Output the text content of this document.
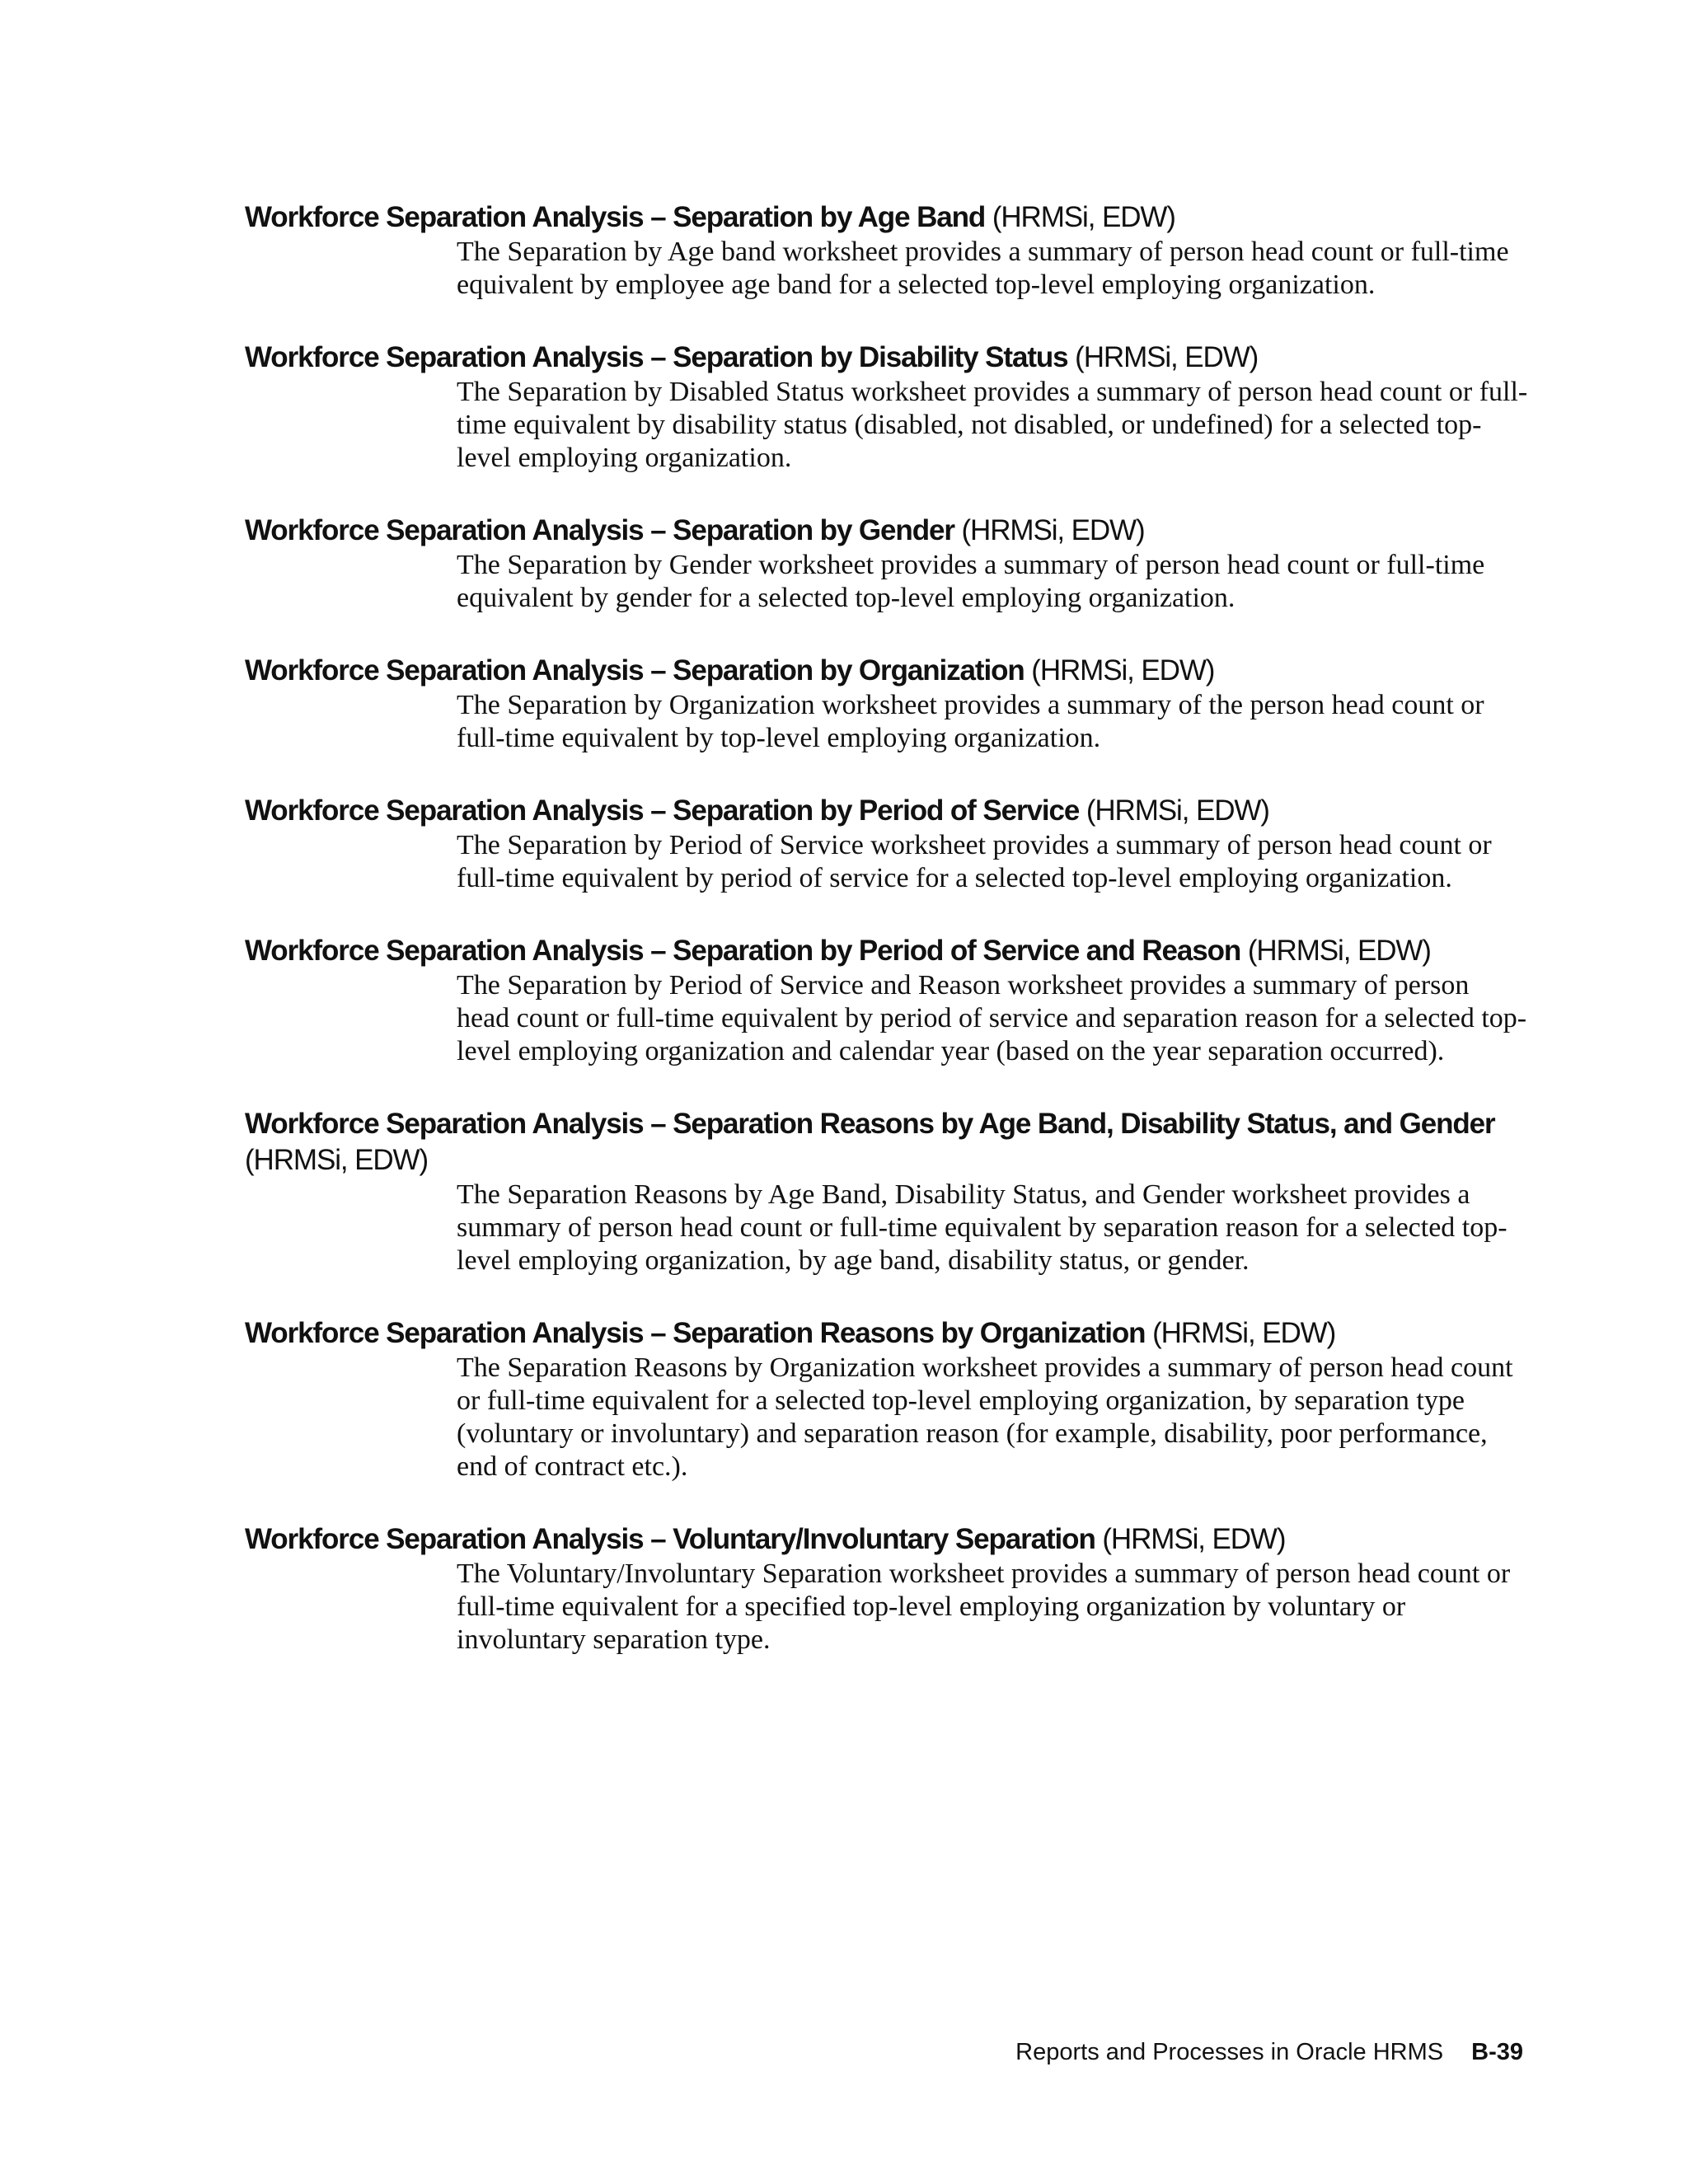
Workforce Separation Analysis – Separation by Age Band (HRMSi, EDW)

The Separation by Age band worksheet provides a summary of person head count or full-time equivalent by employee age band for a selected top-level employing organization.

Workforce Separation Analysis – Separation by Disability Status (HRMSi, EDW)

The Separation by Disabled Status worksheet provides a summary of person head count or full-time equivalent by disability status (disabled, not disabled, or undefined) for a selected top-level employing organization.

Workforce Separation Analysis – Separation by Gender (HRMSi, EDW)

The Separation by Gender worksheet provides a summary of person head count or full-time equivalent by gender for a selected top-level employing organization.

Workforce Separation Analysis – Separation by Organization (HRMSi, EDW)

The Separation by Organization worksheet provides a summary of the person head count or full-time equivalent by top-level employing organization.

Workforce Separation Analysis – Separation by Period of Service (HRMSi, EDW)

The Separation by Period of Service worksheet provides a summary of person head count or full-time equivalent by period of service for a selected top-level employing organization.

Workforce Separation Analysis – Separation by Period of Service and Reason (HRMSi, EDW)

The Separation by Period of Service and Reason worksheet provides a summary of person head count or full-time equivalent by period of service and separation reason for a selected top-level employing organization and calendar year (based on the year separation occurred).

Workforce Separation Analysis – Separation Reasons by Age Band, Disability Status, and Gender (HRMSi, EDW)

The Separation Reasons by Age Band, Disability Status, and Gender worksheet provides a summary of person head count or full-time equivalent by separation reason for a selected top-level employing organization, by age band, disability status, or gender.

Workforce Separation Analysis – Separation Reasons by Organization (HRMSi, EDW)

The Separation Reasons by Organization worksheet provides a summary of person head count or full-time equivalent for a selected top-level employing organization, by separation type (voluntary or involuntary) and separation reason (for example, disability, poor performance, end of contract etc.).

Workforce Separation Analysis – Voluntary/Involuntary Separation (HRMSi, EDW)

The Voluntary/Involuntary Separation worksheet provides a summary of person head count or full-time equivalent for a specified top-level employing organization by voluntary or involuntary separation type.

Reports and Processes in Oracle HRMS B-39
